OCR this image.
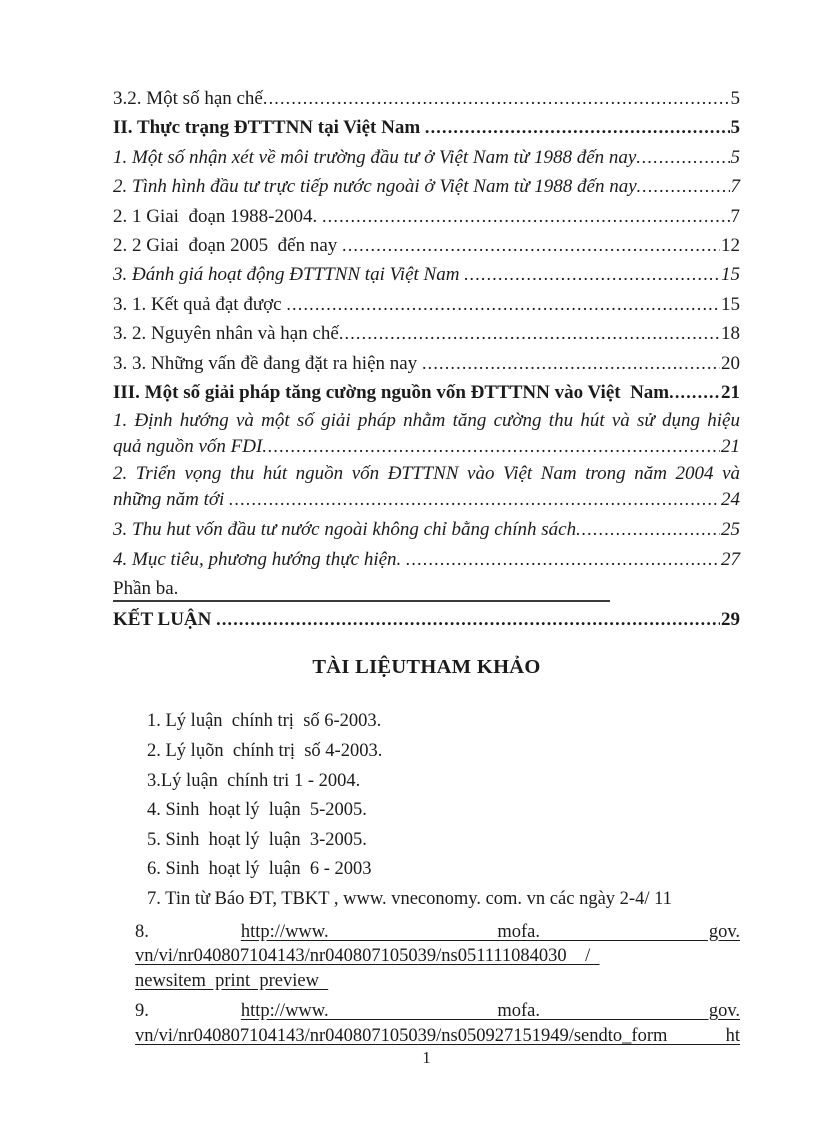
3.2. Một số hạn chế .....	5
II. Thực trạng ĐTTTNN tại Việt Nam .....	5
1. Một số nhận xét về môi trường đầu tư ở Việt Nam từ 1988 đến nay .....	5
2. Tình hình đầu tư trực tiếp nước ngoài ở Việt Nam từ 1988 đến nay .....	7
2. 1 Giai  đoạn 1988-2004. .....	7
2. 2 Giai  đoạn 2005  đến nay .....	12
3. Đánh giá hoạt động ĐTTTNN tại Việt Nam .....	15
3. 1. Kết quả đạt được .....	15
3. 2. Nguyên nhân và hạn chế .....	18
3. 3. Những vấn đề đang đặt ra hiện nay .....	20
III. Một số giải pháp tăng cường nguồn vốn ĐTTTNN vào Việt  Nam .....	21
1. Định hướng và một số giải pháp nhằm tăng cường thu hút và sử dụng hiệu
quả nguồn vốn FDI .....	21
2. Triển vọng thu hút nguồn vốn ĐTTTNN vào Việt Nam trong năm 2004 và
những năm tới .....	24
3. Thu hut vốn đầu tư nước ngoài không chỉ bằng chính sách .....	25
4. Mục tiêu, phương hướng thực hiện. .....	27
Phần ba.
KẾT LUẬN .....	29
TÀI LIỆUTHAM KHẢO
1. Lý luận  chính trị  số 6-2003.
2. Lý lụõn  chính trị  số 4-2003.
3.Lý luận  chính tri 1 - 2004.
4. Sinh  hoạt lý  luận  5-2005.
5. Sinh  hoạt lý  luận  3-2005.
6. Sinh  hoạt lý  luận  6 - 2003
7. Tin từ Báo ĐT, TBKT , www. vneconomy. com. vn các ngày 2-4/ 11
8.	http://www. mofa. gov.
vn/vi/nr040807104143/nr040807105039/ns051111084030    /
newsitem  print  preview
9.	http://www. mofa. gov.
vn/vi/nr040807104143/nr040807105039/ns050927151949/sendto_form ht
1
